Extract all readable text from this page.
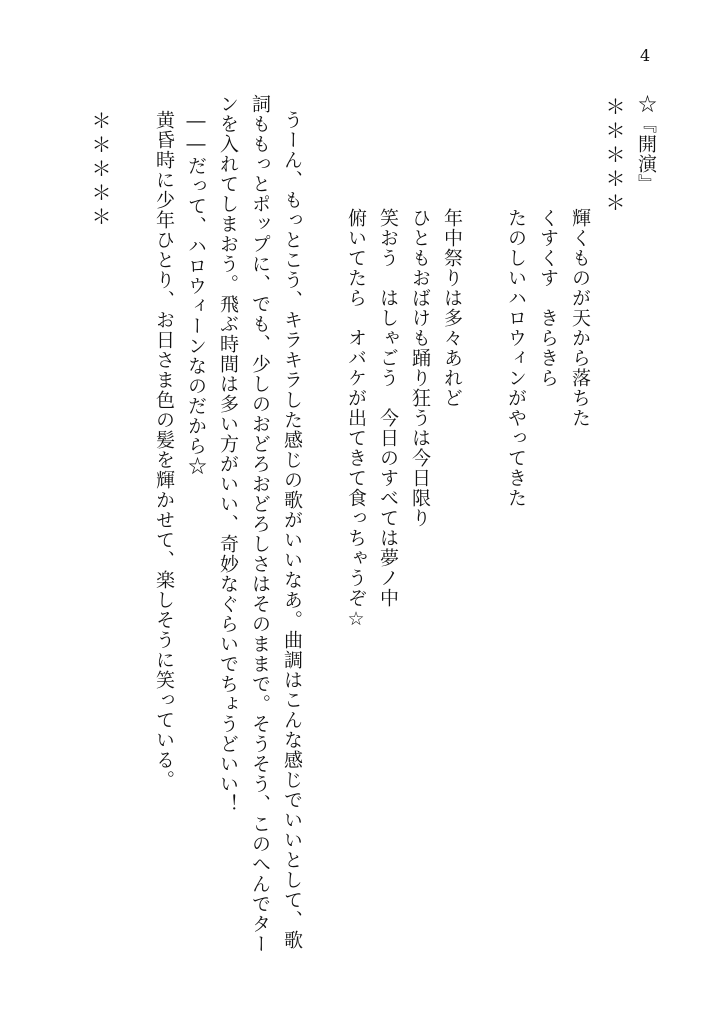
4
☆『開演』
＊＊＊＊＊
輝くものが天から落ちた
くすくす　きらきら
たのしいハロウィンがやってきた
年中祭りは多々あれど
ひともおばけも踊り狂うは今日限り
笑おう　はしゃごう　今日のすべては夢ノ中
俯いてたら　オバケが出てきて食っちゃうぞ☆
うーん、もっとこう、キラキラした感じの歌がいいなあ。曲調はこんな感じでいいとして、歌
詞ももっとポップに、でも、少しのおどろおどろしさはそのままで。そうそう、このへんでター
ンを入れてしまおう。飛ぶ時間は多い方がいい、奇妙なぐらいでちょうどいい！
――だって、ハロウィーンなのだから☆
黄昏時に少年ひとり、お日さま色の髪を輝かせて、楽しそうに笑っている。
＊＊＊＊＊
